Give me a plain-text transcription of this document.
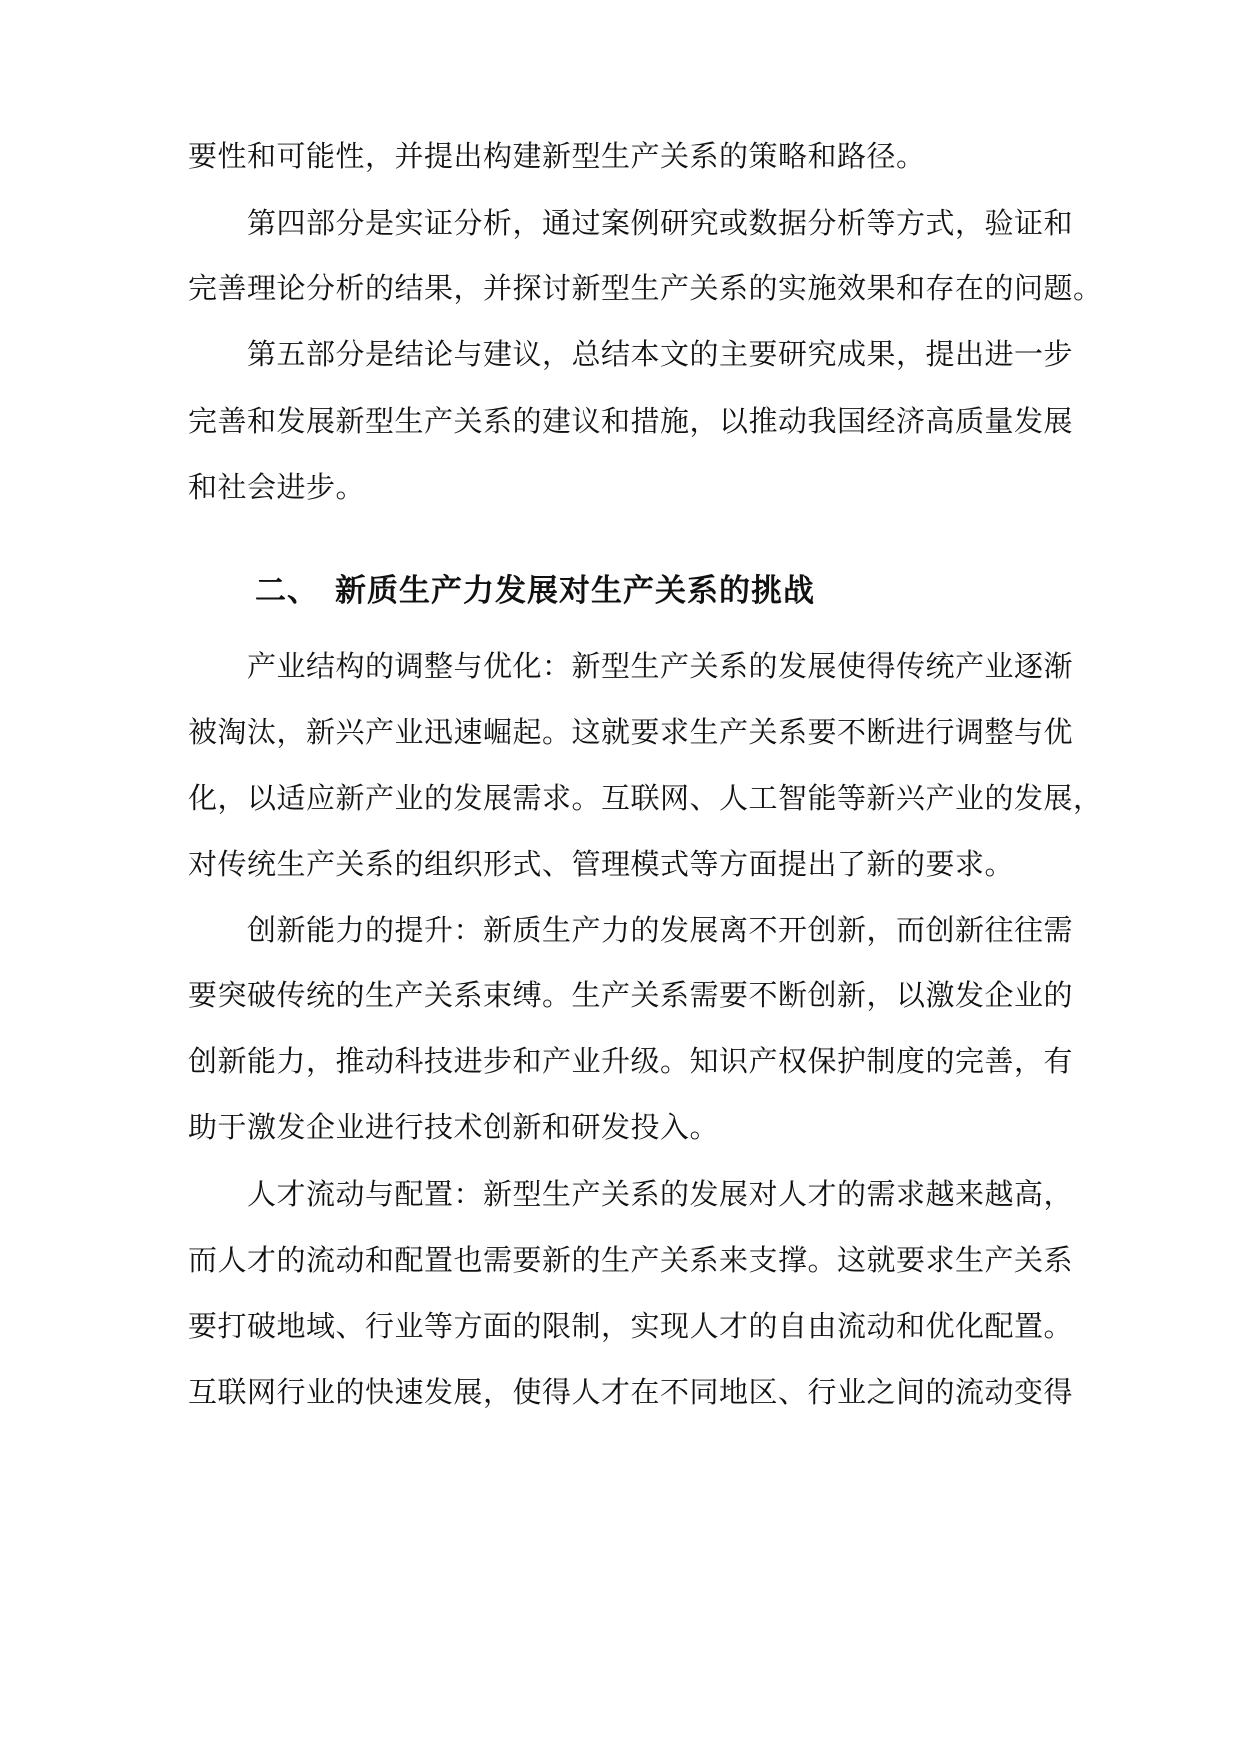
要性和可能性，并提出构建新型生产关系的策略和路径。
第四部分是实证分析，通过案例研究或数据分析等方式，验证和
完善理论分析的结果，并探讨新型生产关系的实施效果和存在的问题。
第五部分是结论与建议，总结本文的主要研究成果，提出进一步
完善和发展新型生产关系的建议和措施，以推动我国经济高质量发展
和社会进步。
二、 新质生产力发展对生产关系的挑战
产业结构的调整与优化：新型生产关系的发展使得传统产业逐渐
被淘汰，新兴产业迅速崛起。这就要求生产关系要不断进行调整与优
化，以适应新产业的发展需求。互联网、人工智能等新兴产业的发展，
对传统生产关系的组织形式、管理模式等方面提出了新的要求。
创新能力的提升：新质生产力的发展离不开创新，而创新往往需
要突破传统的生产关系束缚。生产关系需要不断创新，以激发企业的
创新能力，推动科技进步和产业升级。知识产权保护制度的完善，有
助于激发企业进行技术创新和研发投入。
人才流动与配置：新型生产关系的发展对人才的需求越来越高，
而人才的流动和配置也需要新的生产关系来支撑。这就要求生产关系
要打破地域、行业等方面的限制，实现人才的自由流动和优化配置。
互联网行业的快速发展，使得人才在不同地区、行业之间的流动变得
